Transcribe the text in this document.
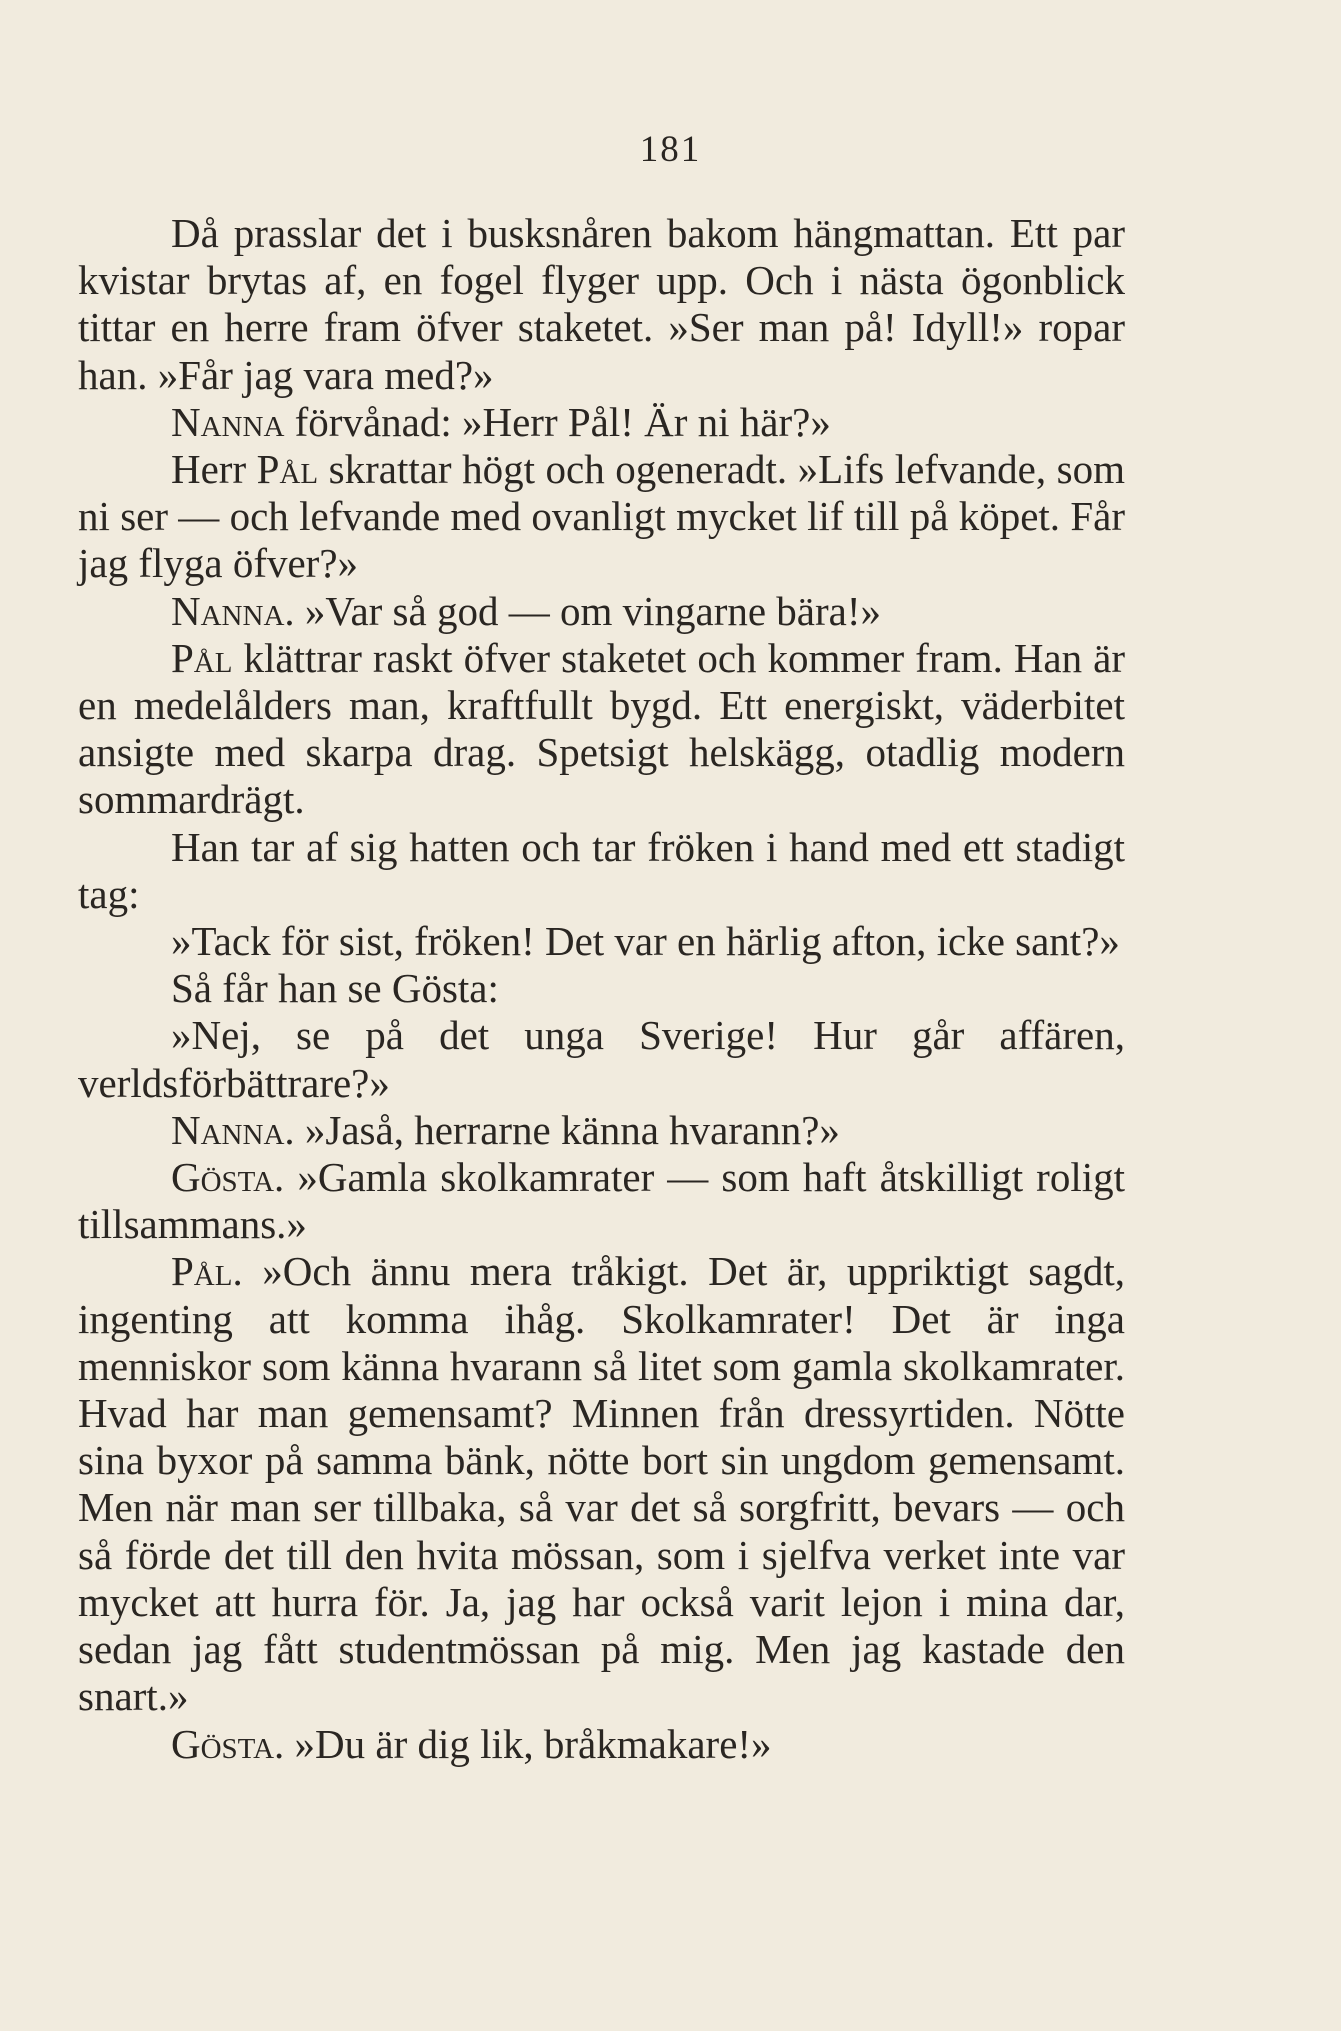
181

Då prasslar det i busksnåren bakom hängmattan. Ett par kvistar brytas af, en fogel flyger upp. Och i nästa ögonblick tittar en herre fram öfver staketet. »Ser man på! Idyll!» ropar han. »Får jag vara med?»

Nanna förvånad: »Herr Pål! Är ni här?»

Herr Pål skrattar högt och ogeneradt. »Lifs lefvande, som ni ser — och lefvande med ovanligt mycket lif till på köpet. Får jag flyga öfver?»

Nanna. »Var så god — om vingarne bära!»

Pål klättrar raskt öfver staketet och kommer fram. Han är en medelålders man, kraftfullt bygd. Ett energiskt, väderbitet ansigte med skarpa drag. Spetsigt helskägg, otadlig modern sommardrägt.

Han tar af sig hatten och tar fröken i hand med ett stadigt tag:

»Tack för sist, fröken! Det var en härlig afton, icke sant?»

Så får han se Gösta:

»Nej, se på det unga Sverige! Hur går affären, verldsförbättrare?»

Nanna. »Jaså, herrarne känna hvarann?»

Gösta. »Gamla skolkamrater — som haft åtskilligt roligt tillsammans.»

Pål. »Och ännu mera tråkigt. Det är, uppriktigt sagdt, ingenting att komma ihåg. Skolkamrater! Det är inga menniskor som känna hvarann så litet som gamla skolkamrater. Hvad har man gemensamt? Minnen från dressyrtiden. Nötte sina byxor på samma bänk, nötte bort sin ungdom gemensamt. Men när man ser tillbaka, så var det så sorgfritt, bevars — och så förde det till den hvita mössan, som i sjelfva verket inte var mycket att hurra för. Ja, jag har också varit lejon i mina dar, sedan jag fått studentmössan på mig. Men jag kastade den snart.»

Gösta. »Du är dig lik, bråkmakare!»
